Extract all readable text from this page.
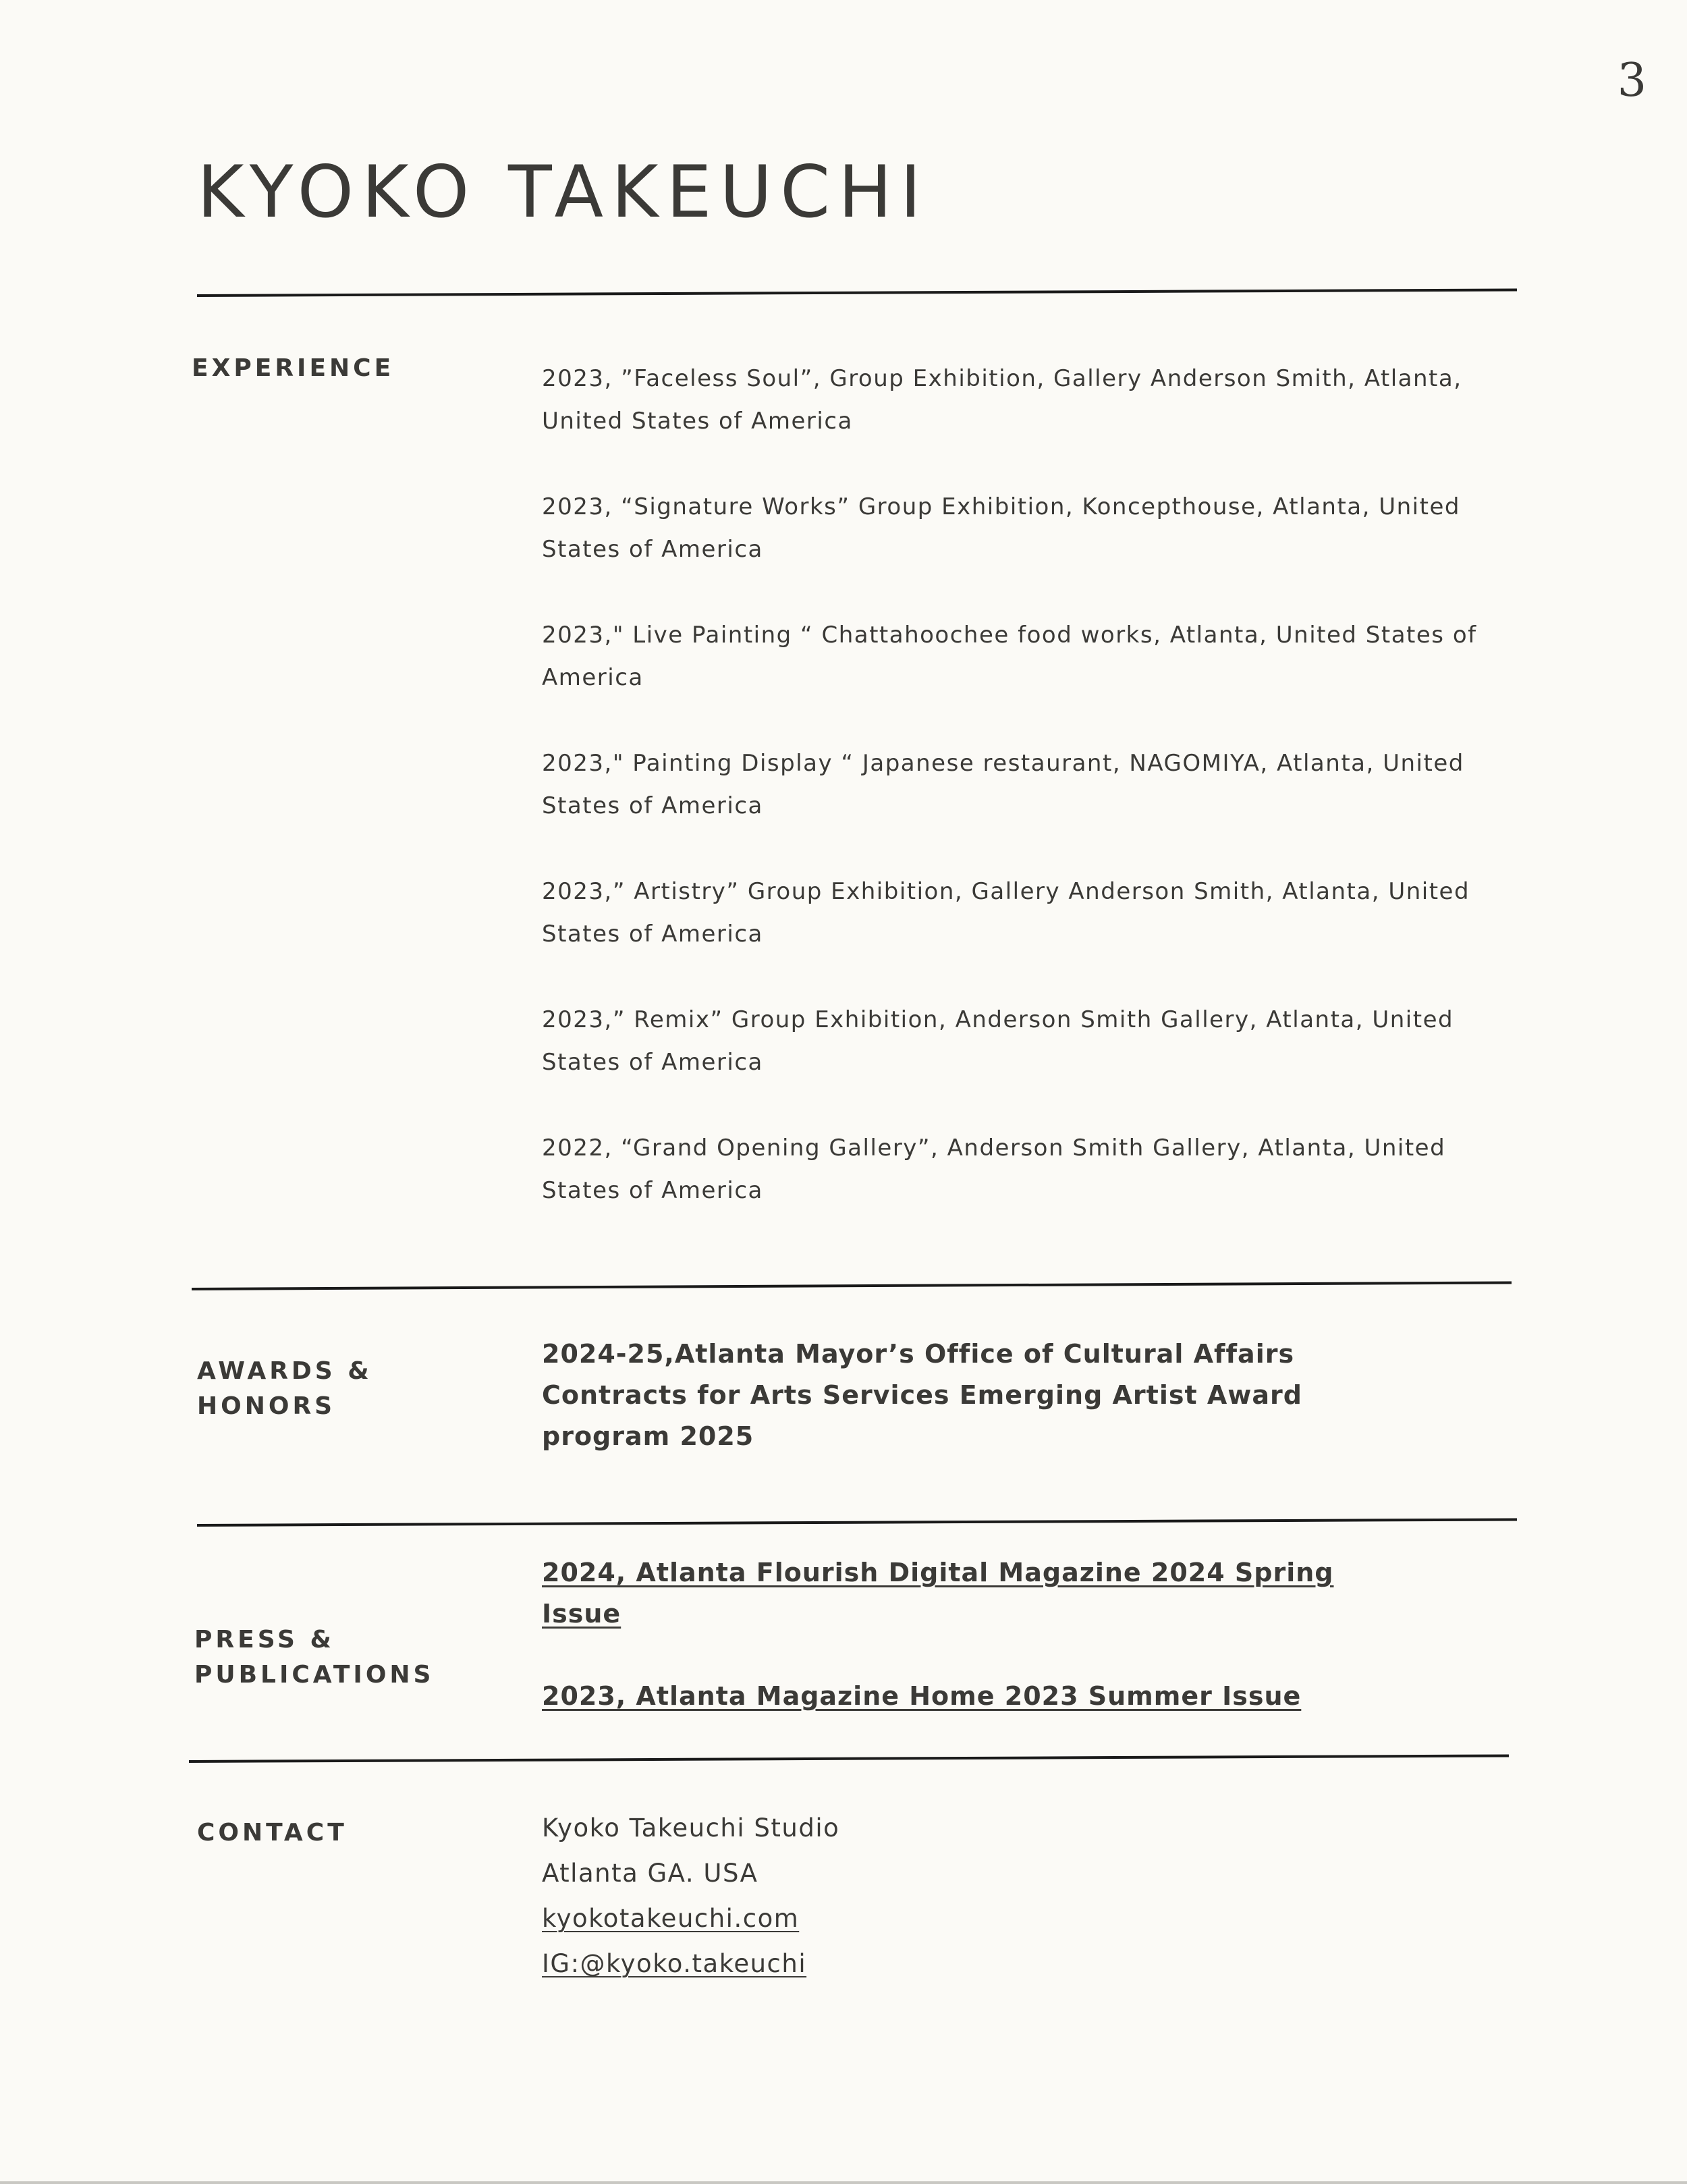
3
KYOKO TAKEUCHI
EXPERIENCE	2023, ”Faceless Soul”, Group Exhibition, Gallery Anderson Smith, Atlanta, United States of America
2023, “Signature Works” Group Exhibition, Koncepthouse, Atlanta, United States of America
2023," Live Painting “ Chattahoochee food works, Atlanta, United States of America
2023," Painting Display “ Japanese restaurant, NAGOMIYA, Atlanta, United States of America
2023,” Artistry” Group Exhibition, Gallery Anderson Smith, Atlanta, United States of America
2023,” Remix” Group Exhibition, Anderson Smith Gallery, Atlanta, United States of America
2022, “Grand Opening Gallery”, Anderson Smith Gallery, Atlanta, United States of America
AWARDS &
HONORS

2024-25,Atlanta Mayor’s Office of Cultural Affairs Contracts for Arts Services Emerging Artist Award program 2025

PRESS &
PUBLICATIONS
2024, Atlanta Flourish Digital Magazine 2024 Spring Issue
2023, Atlanta Magazine Home 2023 Summer Issue
CONTACT	Kyoko Takeuchi Studio
Atlanta GA. USA
kyokotakeuchi.com
IG:@kyoko.takeuchi
